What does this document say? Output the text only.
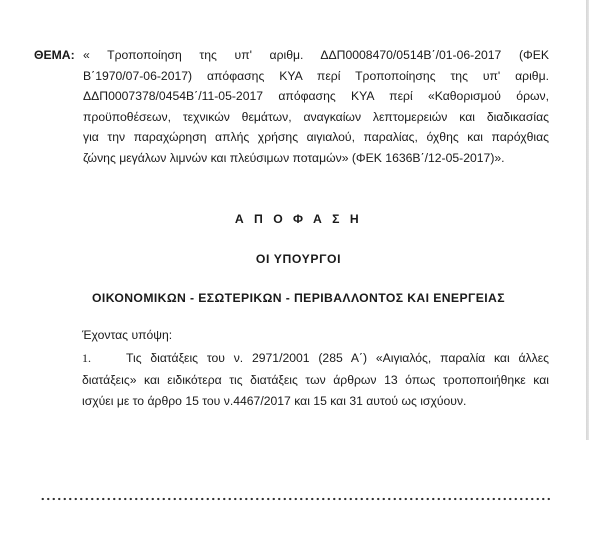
ΘΕΜΑ: « Τροποποίηση της υπ' αριθμ. ΔΔΠ0008470/0514Β΄/01-06-2017 (ΦΕΚ
Β΄1970/07-06-2017) απόφασης ΚΥΑ περί Τροποποίησης της υπ' αριθμ.
ΔΔΠ0007378/0454Β΄/11-05-2017 απόφασης ΚΥΑ περί «Καθορισμού όρων,
προϋποθέσεων, τεχνικών θεμάτων, αναγκαίων λεπτομερειών και διαδικασίας
για την παραχώρηση απλής χρήσης αιγιαλού, παραλίας, όχθης και παρόχθιας
ζώνης μεγάλων λιμνών και πλεύσιμων ποταμών» (ΦΕΚ 1636Β΄/12-05-2017)».
Α Π Ο Φ Α Σ Η
ΟΙ ΥΠΟΥΡΓΟΙ
ΟΙΚΟΝΟΜΙΚΩΝ - ΕΣΩΤΕΡΙΚΩΝ - ΠΕΡΙΒΑΛΛΟΝΤΟΣ ΚΑΙ ΕΝΕΡΓΕΙΑΣ
Έχοντας υπόψη:
1.	Τις διατάξεις του ν. 2971/2001 (285 Α΄) «Αιγιαλός, παραλία και άλλες
διατάξεις» και ειδικότερα τις διατάξεις των άρθρων 13 όπως τροποποιήθηκε και
ισχύει με το άρθρο 15 του ν.4467/2017 και 15 και 31 αυτού ως ισχύουν.
